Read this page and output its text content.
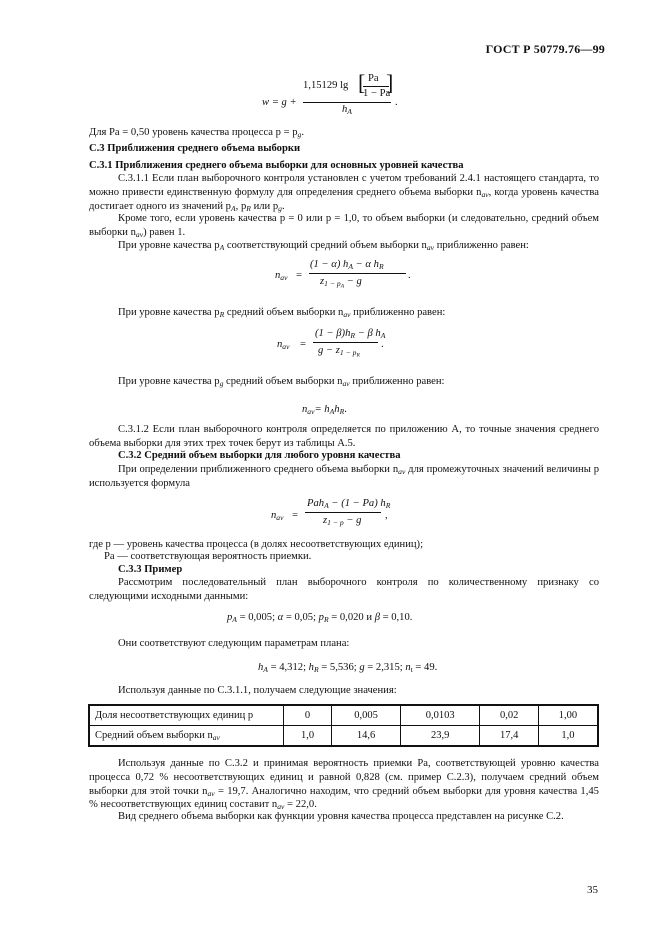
ГОСТ Р 50779.76—99
w = g +
1,15129 lg [ ]
Pa
1 − Pa
$h_A$
.
Для Pa = 0,50 уровень качества процесса $p = p_g$.
С.3 Приближения среднего объема выборки
С.3.1 Приближения среднего объема выборки для основных уровней качества
С.3.1.1 Если план выборочного контроля установлен с учетом требований 2.4.1 настоящего стандарта, то можно привести единственную формулу для определения среднего объема выборки $n_{av}$, когда уровень качества достигает одного из значений $p_A$, $p_R$ или $p_g$.
Кроме того, если уровень качества p = 0 или p = 1,0, то объем выборки (и следовательно, средний объем выборки $n_{av}$) равен 1.
При уровне качества $p_A$ соответствующий средний объем выборки $n_{av}$ приближенно равен:
$n_{av}$ =
(1 − α) $h_A - \alpha$ $h_R$
$z_{1 - p_A} - g$
.
При уровне качества $p_R$ средний объем выборки $n_{av}$ приближенно равен:
$n_{av}$ =
$(1 - \beta)h_R - \beta$ $h_A$
$g - z_{1 - p_R}$
.
При уровне качества $p_g$ средний объем выборки $n_{av}$ приближенно равен:
$n_{av}= h_Ah_R$.
С.3.1.2 Если план выборочного контроля определяется по приложению А, то точные значения среднего объема выборки для этих трех точек берут из таблицы А.5.
С.3.2 Средний объем выборки для любого уровня качества
При определении приближенного среднего объема выборки $n_{av}$ для промежуточных значений величины p используется формула
$n_{av}$ =
Pah$_A$ − (1 − Pa) $h_R$
$z_{1 - p} - g$ ,
где p — уровень качества процесса (в долях несоответствующих единиц);
Pa — соответствующая вероятность приемки.
С.3.3 Пример
Рассмотрим последовательный план выборочного контроля по количественному признаку со следующими исходными данными:
$p_A = 0,005$; α = 0,05; $p_R = 0,020$ и β = 0,10.
Они соответствуют следующим параметрам плана:
$h_A = 4,312$; $h_R = 5,536$; g = 2,315; $n_t = 49$.
Используя данные по С.3.1.1, получаем следующие значения:
Доля несоответствующих единиц p	0	0,005	0,0103	0,02	1,00
Средний объем выборки $n_{av}$	1,0	14,6	23,9	17,4	1,0
Используя данные по С.3.2 и принимая вероятность приемки Pa, соответствующей уровню качества процесса 0,72 % несоответствующих единиц и равной 0,828 (см. пример С.2.3), получаем средний объем выборки для этой точки $n_{av} = 19,7$. Аналогично находим, что средний объем выборки для уровня качества 1,45 % несоответствующих единиц составит $n_{av} = 22,0$.
Вид среднего объема выборки как функции уровня качества процесса представлен на рисунке С.2.
35
